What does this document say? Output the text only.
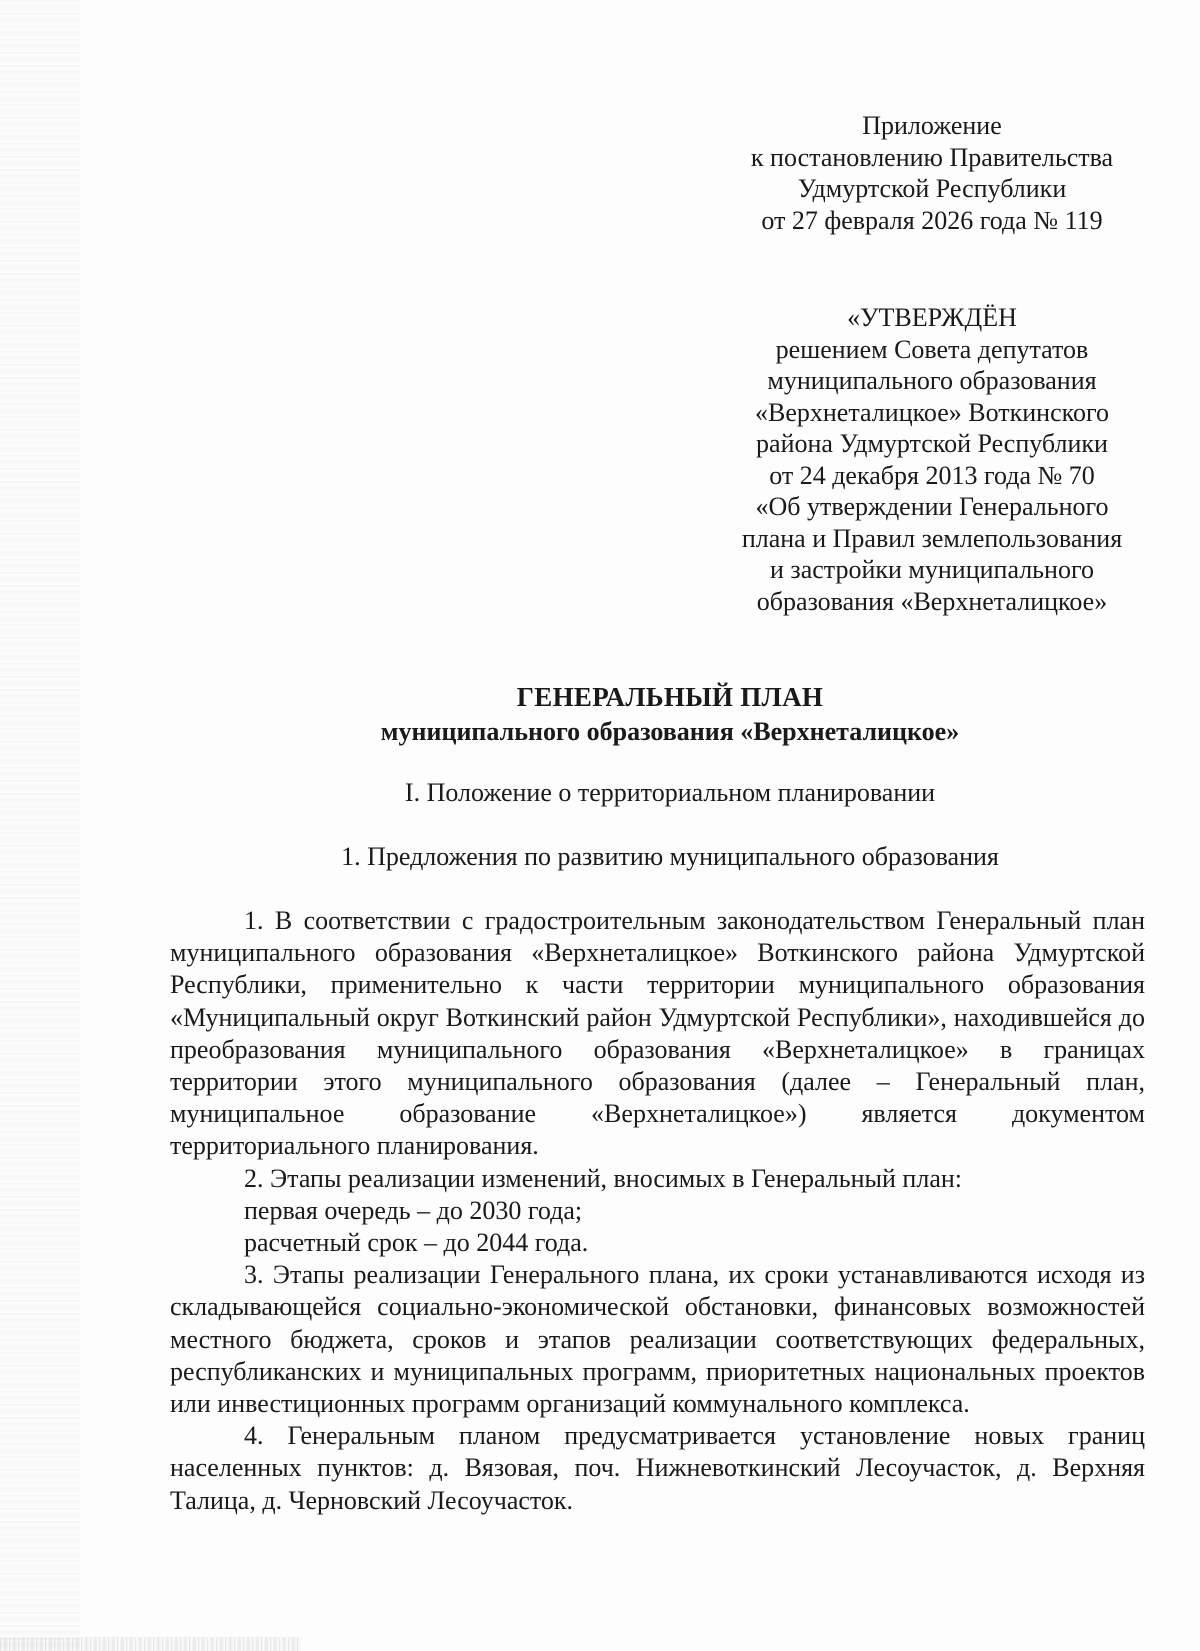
Приложение
к постановлению Правительства
Удмуртской Республики
от 27 февраля 2026 года № 119
«УТВЕРЖДЁН
решением Совета депутатов
муниципального образования
«Верхнеталицкое» Воткинского
района Удмуртской Республики
от 24 декабря 2013 года № 70
«Об утверждении Генерального
плана и Правил землепользования
и застройки муниципального
образования «Верхнеталицкое»
ГЕНЕРАЛЬНЫЙ ПЛАН
муниципального образования «Верхнеталицкое»
I. Положение о территориальном планировании
1. Предложения по развитию муниципального образования

1. В соответствии с градостроительным законодательством Генеральный план муниципального образования «Верхнеталицкое» Воткинского района Удмуртской Республики, применительно к части территории муниципального образования «Муниципальный округ Воткинский район Удмуртской Республики», находившейся до преобразования муниципального образования «Верхнеталицкое» в границах территории этого муниципального образования (далее – Генеральный план, муниципальное образование «Верхнеталицкое») является документом территориального планирования.

2. Этапы реализации изменений, вносимых в Генеральный план:

первая очередь – до 2030 года;

расчетный срок – до 2044 года.

3. Этапы реализации Генерального плана, их сроки устанавливаются исходя из складывающейся социально-экономической обстановки, финансовых возможностей местного бюджета, сроков и этапов реализации соответствующих федеральных, республиканских и муниципальных программ, приоритетных национальных проектов или инвестиционных программ организаций коммунального комплекса.

4. Генеральным планом предусматривается установление новых границ населенных пунктов: д. Вязовая, поч. Нижневоткинский Лесоучасток, д. Верхняя Талица, д. Черновский Лесоучасток.
